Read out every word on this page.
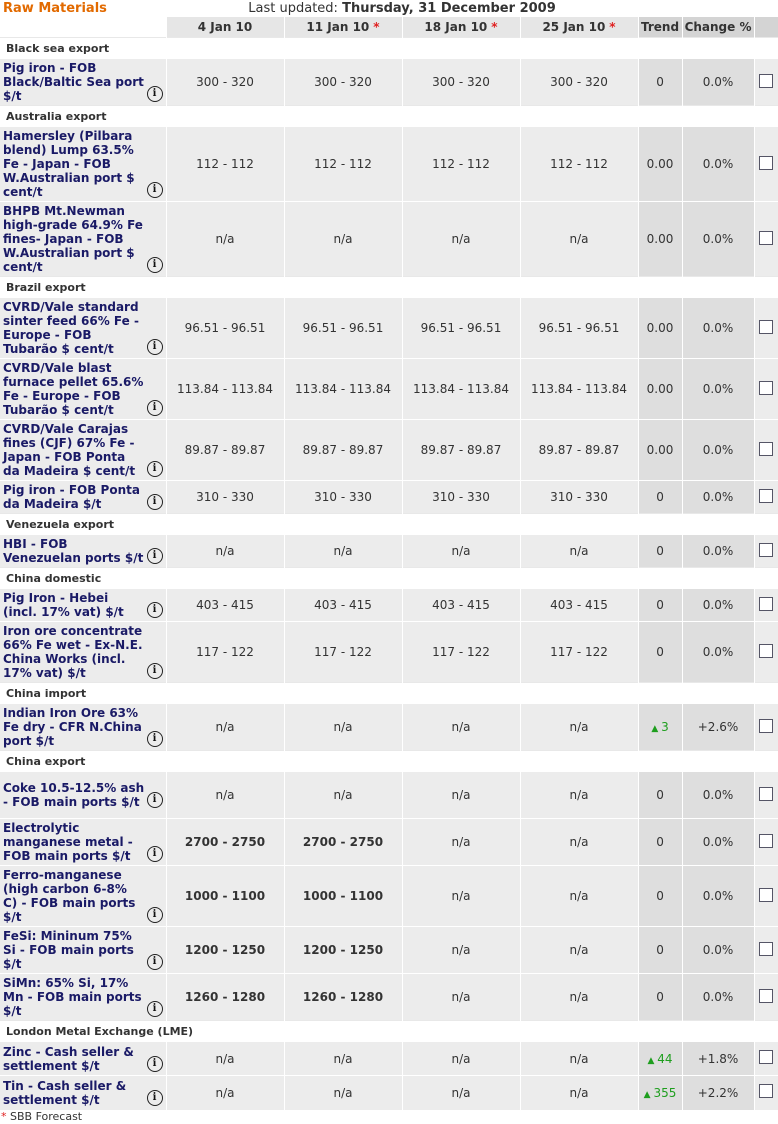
Raw Materials	Last updated: Thursday, 31 December 2009						
	4 Jan 10	11 Jan 10 *	18 Jan 10 *	25 Jan 10 *	Trend	Change %	
Black sea export							

Pig iron - FOB Black/Baltic Sea port $/t i	300 - 320	300 - 320	300 - 320	300 - 320	0	0.0%	
Australia export							

Hamersley (Pilbara blend) Lump 63.5% Fe - Japan - FOB W.Australian port $ cent/t i	112 - 112	112 - 112	112 - 112	112 - 112	0.00	0.0%	

BHPB Mt.Newman high-grade 64.9% Fe fines- Japan - FOB W.Australian port $ cent/t i	n/a	n/a	n/a	n/a	0.00	0.0%	
Brazil export							

CVRD/Vale standard sinter feed 66% Fe - Europe - FOB Tubarão $ cent/t i	96.51 - 96.51	96.51 - 96.51	96.51 - 96.51	96.51 - 96.51	0.00	0.0%	

CVRD/Vale blast furnace pellet 65.6% Fe - Europe - FOB Tubarão $ cent/t i	113.84 - 113.84	113.84 - 113.84	113.84 - 113.84	113.84 - 113.84	0.00	0.0%	

CVRD/Vale Carajas fines (CJF) 67% Fe - Japan - FOB Ponta da Madeira $ cent/t i	89.87 - 89.87	89.87 - 89.87	89.87 - 89.87	89.87 - 89.87	0.00	0.0%	

Pig iron - FOB Ponta da Madeira $/t i	310 - 330	310 - 330	310 - 330	310 - 330	0	0.0%	
Venezuela export							

HBI - FOB Venezuelan ports $/t i	n/a	n/a	n/a	n/a	0	0.0%	
China domestic							

Pig Iron - Hebei (incl. 17% vat) $/t i	403 - 415	403 - 415	403 - 415	403 - 415	0	0.0%	

Iron ore concentrate 66% Fe wet - Ex-N.E. China Works (incl. 17% vat) $/t i	117 - 122	117 - 122	117 - 122	117 - 122	0	0.0%	
China import							

Indian Iron Ore 63% Fe dry - CFR N.China port $/t i	n/a	n/a	n/a	n/a	▲ 3	+2.6%	
China export							

Coke 10.5-12.5% ash - FOB main ports $/t i	n/a	n/a	n/a	n/a	0	0.0%	

Electrolytic manganese metal - FOB main ports $/t i	2700 - 2750	2700 - 2750	n/a	n/a	0	0.0%	

Ferro-manganese (high carbon 6-8% C) - FOB main ports $/t i	1000 - 1100	1000 - 1100	n/a	n/a	0	0.0%	

FeSi: Mininum 75% Si - FOB main ports $/t i	1200 - 1250	1200 - 1250	n/a	n/a	0	0.0%	

SiMn: 65% Si, 17% Mn - FOB main ports $/t i	1260 - 1280	1260 - 1280	n/a	n/a	0	0.0%	
London Metal Exchange (LME)							

Zinc - Cash seller & settlement $/t i	n/a	n/a	n/a	n/a	▲ 44	+1.8%	

Tin - Cash seller & settlement $/t i	n/a	n/a	n/a	n/a	▲ 355	+2.2%	
* SBB Forecast
